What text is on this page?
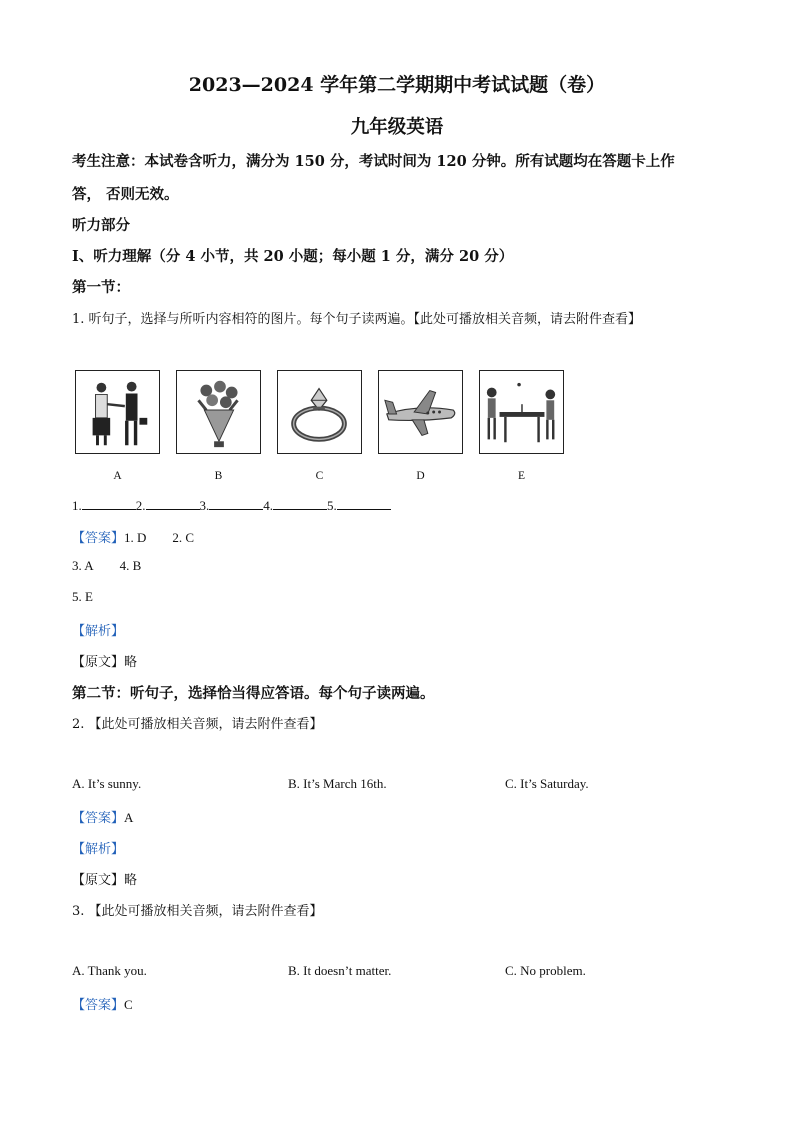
2023—2024 学年第二学期期中考试试题（卷）
九年级英语
考生注意：本试卷含听力，满分为 150 分，考试时间为 120 分钟。所有试题均在答题卡上作
答， 否则无效。
听力部分
Ⅰ、听力理解（分 4 小节，共 20 小题；每小题 1 分，满分 20 分）
第一节：
1. 听句子，选择与所听内容相符的图片。每个句子读两遍。【此处可播放相关音频，请去附件查看】
A	B	C	D	E
1.	2.	3.	4.	5.
【答案】1. D 2. C
3. A 4. B
5. E
【解析】
【原文】略
第二节：听句子，选择恰当得应答语。每个句子读两遍。
2. 【此处可播放相关音频，请去附件查看】
A. It’s sunny.	B. It’s March 16th.	C. It’s Saturday.
【答案】A
【解析】
【原文】略
3. 【此处可播放相关音频，请去附件查看】
A. Thank you.	B. It doesn’t matter.	C. No problem.
【答案】C
